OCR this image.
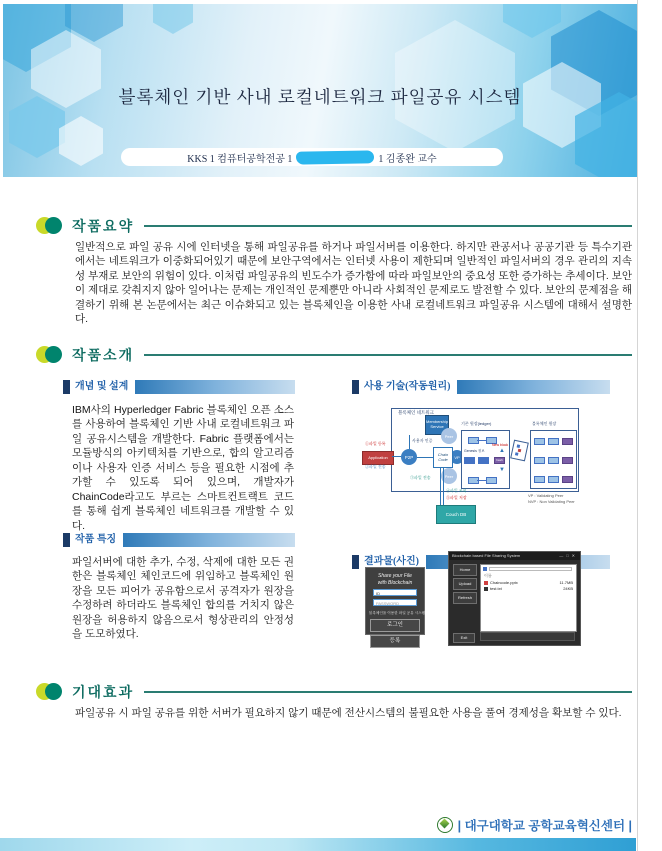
블록체인 기반 사내 로컬네트워크 파일공유 시스템
KKS 1 컴퓨터공학전공 1	1 김종완 교수
작품요약
일반적으로 파일 공유 시에 인터넷을 통해 파일공유를 하거나 파일서버를 이용한다. 하지만 관공서나 공공기관 등 특수기관에서는 네트워크가 이중화되어있기 때문에 보안구역에서는 인터넷 사용이 제한되며 일반적인 파일서버의 경우 관리의 지속성 부재로 보안의 위험이 있다. 이처럼 파일공유의 빈도수가 증가함에 따라 파일보안의 중요성 또한 증가하는 추세이다. 보안이 제대로 갖춰지지 않아 일어나는 문제는 개인적인 문제뿐만 아니라 사회적인 문제로도 발전할 수 있다. 보안의 문제점을 해결하기 위해 본 논문에서는 최근 이슈화되고 있는 블록체인을 이용한 사내 로컬네트워크 파일공유 시스템에 대해서 설명한다.
작품소개
개념 및 설계
IBM사의 Hyperledger Fabric 블록체인 오픈 소스를 사용하여 블록체인 기반 사내 로컬네트워크 파일 공유시스템을 개발한다. Fabric 플랫폼에서는 모듈방식의 아키텍처를 기반으로, 합의 알고리즘이나 사용자 인증 서비스 등을 필요한 시점에 추가할 수 있도록 되어 있으며, 개발자가 ChainCode라고도 부르는 스마트컨트랙트 코드를 통해 쉽게 블록체인 네트워크를 개발할 수 있다.
작품 특징
파일서버에 대한 추가, 수정, 삭제에 대한 모든 권한은 블록체인 체인코드에 위임하고 블록체인 원장을 모든 피어가 공유함으로서 공격자가 원장을 수정하려 하더라도 블록체인 합의를 거치지 않은 원장을 허용하지 않음으로서 형상관리의 안정성을 도모하였다.
사용 기술(작동원리)
블록체인 네트워크
Membership Service
사용자 인증
Application
①파일 등록
②파일 전송
P2P
Peer
Peer
VP
Chain Code
기존 원장(ledger)
Genesis 정보
hash
New block
▲
▼
블록체인 원장
VP : Validating Peer
NVP : Non Validating Peer
③파일 전송
④파일 조회
⑤파일 저장
Couch DB
결과물(사진)
Share your File
with Blockchain
ID
PASSWORD
블록체인을 이용한 파일 공유 시스템
로그인
등록
Blockchain based File Sharing System	—□✕
Home
Upload
Refresh
이름
11.7MB
Chaincode.pptx
24KB
test.txt
Exit
기대효과
파일공유 시 파일 공유를 위한 서버가 필요하지 않기 때문에 전산시스템의 불필요한 사용을 풀여 경제성을 확보할 수 있다.
| 대구대학교 공학교육혁신센터 |
